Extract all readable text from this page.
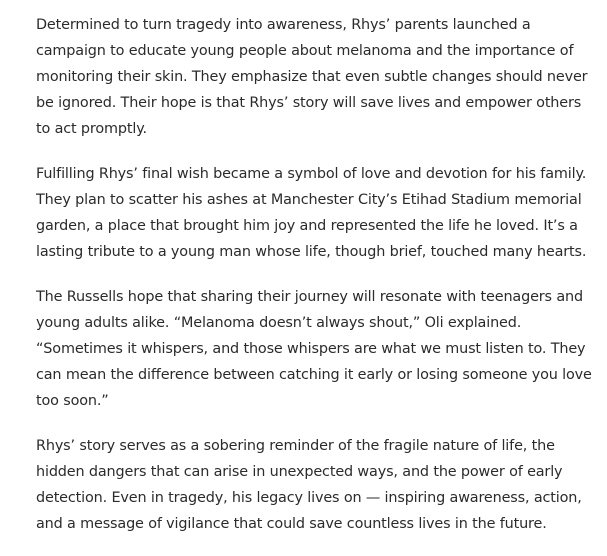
Determined to turn tragedy into awareness, Rhys’ parents launched a campaign to educate young people about melanoma and the importance of monitoring their skin. They emphasize that even subtle changes should never be ignored. Their hope is that Rhys’ story will save lives and empower others to act promptly.

Fulfilling Rhys’ final wish became a symbol of love and devotion for his family. They plan to scatter his ashes at Manchester City’s Etihad Stadium memorial garden, a place that brought him joy and represented the life he loved. It’s a lasting tribute to a young man whose life, though brief, touched many hearts.

The Russells hope that sharing their journey will resonate with teenagers and young adults alike. “Melanoma doesn’t always shout,” Oli explained. “Sometimes it whispers, and those whispers are what we must listen to. They can mean the difference between catching it early or losing someone you love too soon.”

Rhys’ story serves as a sobering reminder of the fragile nature of life, the hidden dangers that can arise in unexpected ways, and the power of early detection. Even in tragedy, his legacy lives on — inspiring awareness, action, and a message of vigilance that could save countless lives in the future.
